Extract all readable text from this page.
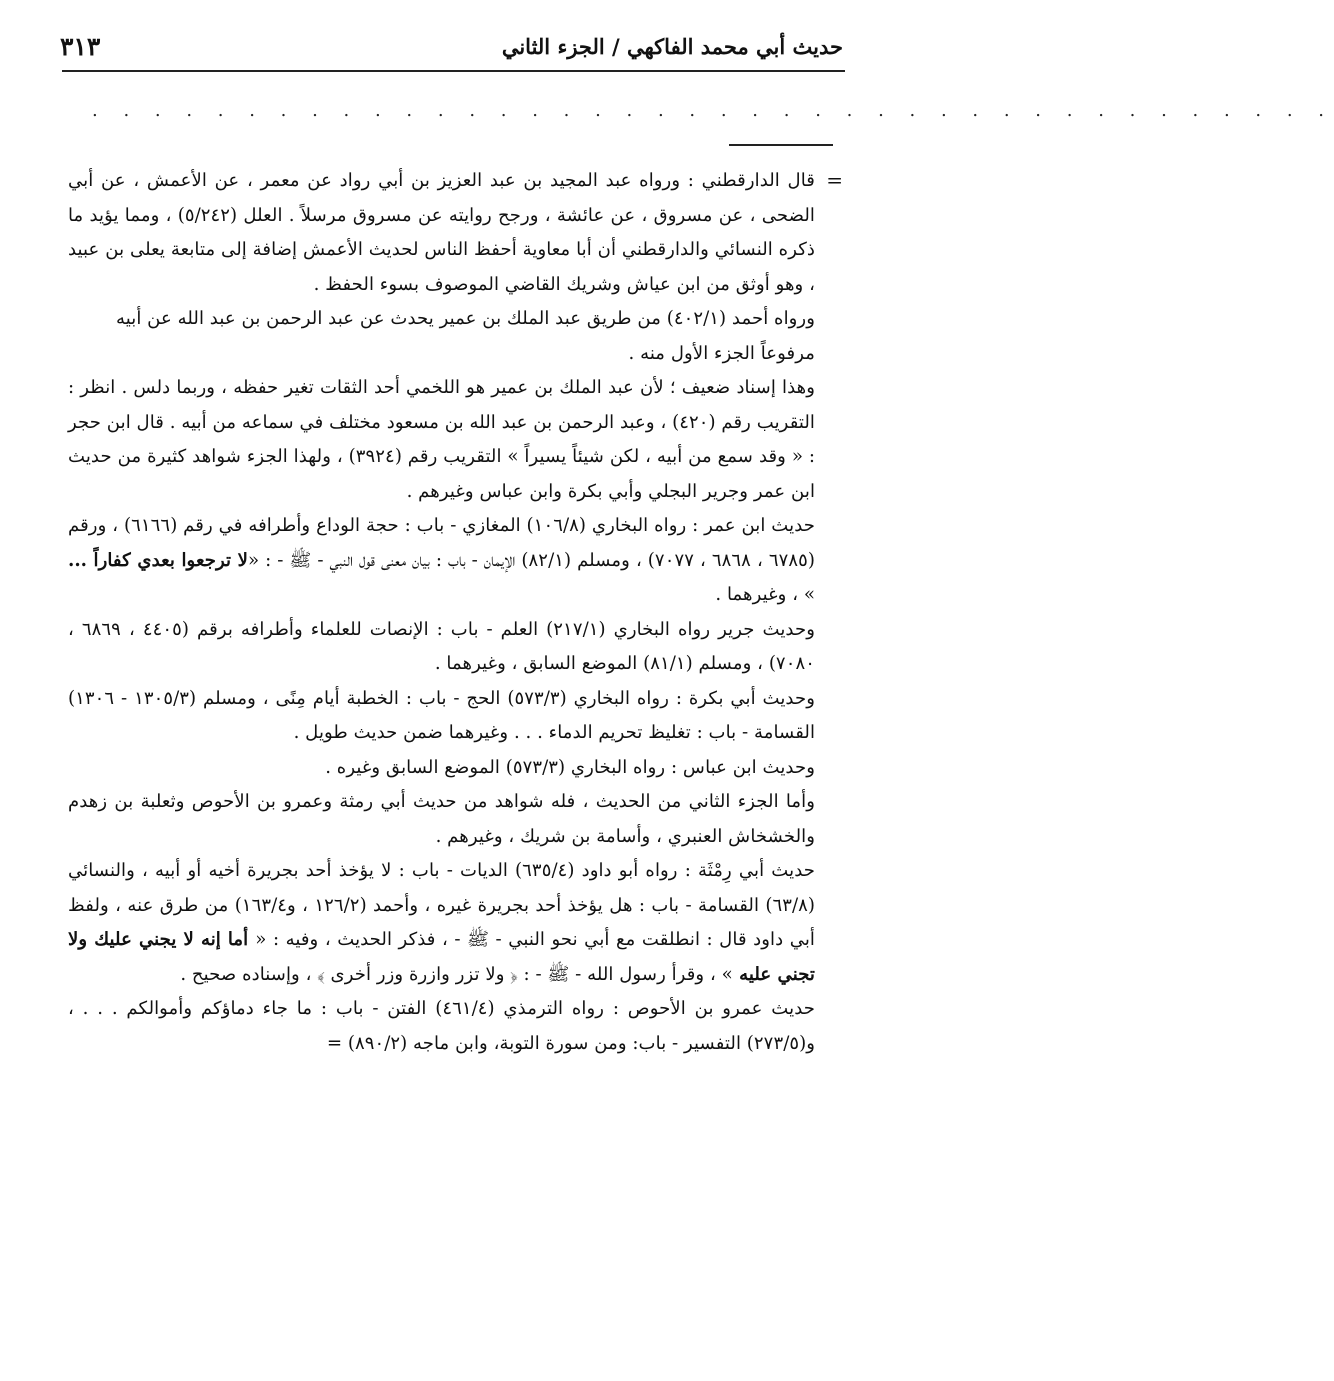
حديث أبي محمد الفاكهي / الجزء الثاني
٣١٣
. . . . . . . . . . . . . . . . . . . . . . . . . . . . . . . . . . . . . . . .
=

قال الدارقطني : ورواه عبد المجيد بن عبد العزيز بن أبي رواد عن معمر ، عن الأعمش ، عن أبي الضحى ، عن مسروق ، عن عائشة ، ورجح روايته عن مسروق مرسلاً . العلل (٥/٢٤٢) ، ومما يؤيد ما ذكره النسائي والدارقطني أن أبا معاوية أحفظ الناس لحديث الأعمش إضافة إلى متابعة يعلى بن عبيد ، وهو أوثق من ابن عياش وشريك القاضي الموصوف بسوء الحفظ .

ورواه أحمد (٤٠٢/١) من طريق عبد الملك بن عمير يحدث عن عبد الرحمن بن عبد الله عن أبيه مرفوعاً الجزء الأول منه .

وهذا إسناد ضعيف ؛ لأن عبد الملك بن عمير هو اللخمي أحد الثقات تغير حفظه ، وربما دلس . انظر : التقريب رقم (٤٢٠) ، وعبد الرحمن بن عبد الله بن مسعود مختلف في سماعه من أبيه . قال ابن حجر : « وقد سمع من أبيه ، لكن شيئاً يسيراً » التقريب رقم (٣٩٢٤) ، ولهذا الجزء شواهد كثيرة من حديث ابن عمر وجرير البجلي وأبي بكرة وابن عباس وغيرهم .

حديث ابن عمر : رواه البخاري (١٠٦/٨) المغازي - باب : حجة الوداع وأطرافه في رقم (٦١٦٦) ، ورقم (٦٧٨٥ ، ٦٨٦٨ ، ٧٠٧٧) ، ومسلم (٨٢/١) الإيمان - باب : بيان معنى قول النبي - ﷺ - : «لا ترجعوا بعدي كفاراً ... » ، وغيرهما .

وحديث جرير رواه البخاري (٢١٧/١) العلم - باب : الإنصات للعلماء وأطرافه برقم (٤٤٠٥ ، ٦٨٦٩ ، ٧٠٨٠) ، ومسلم (٨١/١) الموضع السابق ، وغيرهما .

وحديث أبي بكرة : رواه البخاري (٥٧٣/٣) الحج - باب : الخطبة أيام مِنًى ، ومسلم (١٣٠٥/٣ - ١٣٠٦) القسامة - باب : تغليظ تحريم الدماء . . . وغيرهما ضمن حديث طويل .

وحديث ابن عباس : رواه البخاري (٥٧٣/٣) الموضع السابق وغيره .

وأما الجزء الثاني من الحديث ، فله شواهد من حديث أبي رمثة وعمرو بن الأحوص وثعلبة بن زهدم والخشخاش العنبري ، وأسامة بن شريك ، وغيرهم .

حديث أبي رِمْثَة : رواه أبو داود (٦٣٥/٤) الديات - باب : لا يؤخذ أحد بجريرة أخيه أو أبيه ، والنسائي (٦٣/٨) القسامة - باب : هل يؤخذ أحد بجريرة غيره ، وأحمد (١٢٦/٢ ، و١٦٣/٤) من طرق عنه ، ولفظ أبي داود قال : انطلقت مع أبي نحو النبي - ﷺ - ، فذكر الحديث ، وفيه : « أما إنه لا يجني عليك ولا تجني عليه » ، وقرأ رسول الله - ﷺ - : ﴿ ولا تزر وازرة وزر أخرى ﴾ ، وإسناده صحيح .

حديث عمرو بن الأحوص : رواه الترمذي (٤٦١/٤) الفتن - باب : ما جاء دماؤكم وأموالكم . . . ، و(٢٧٣/٥) التفسير - باب: ومن سورة التوبة، وابن ماجه (٨٩٠/٢) =
